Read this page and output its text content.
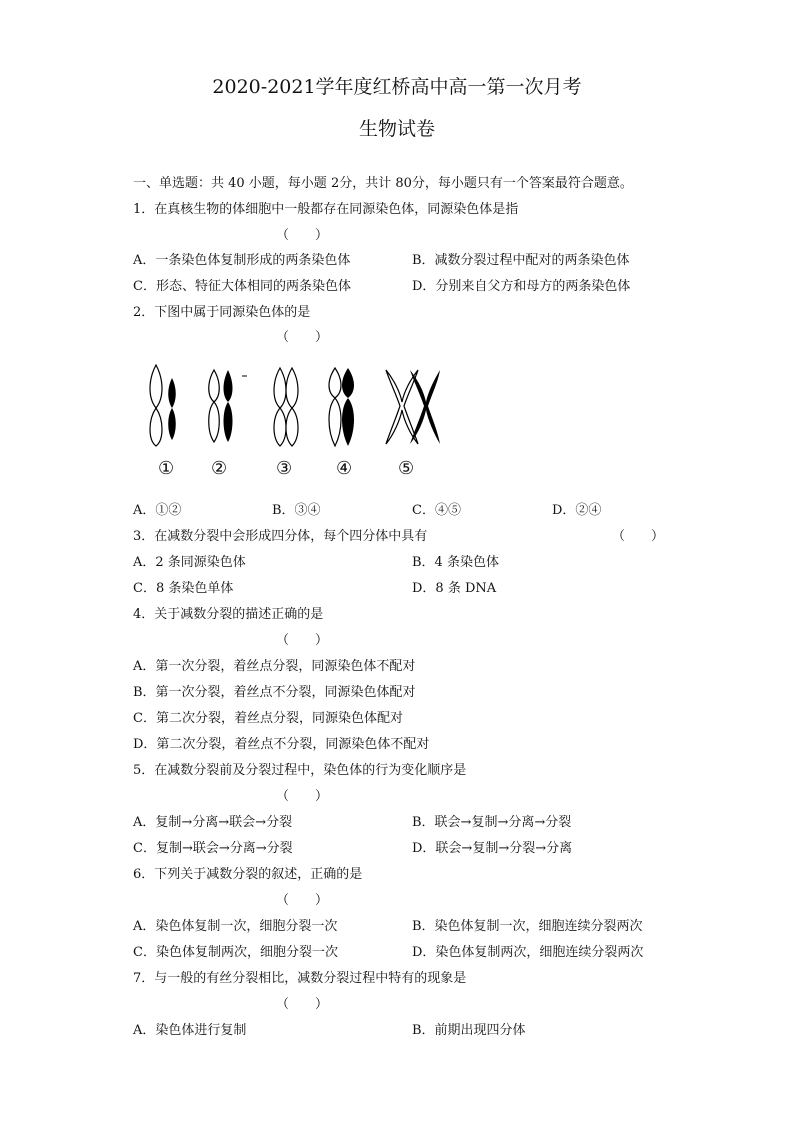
2020-2021学年度红桥高中高一第一次月考
生物试卷
一、单选题：共 40 小题，每小题 2分，共计 80分，每小题只有一个答案最符合题意。
1．在真核生物的体细胞中一般都存在同源染色体，同源染色体是指
（　　）
A．一条染色体复制形成的两条染色体	B．减数分裂过程中配对的两条染色体
C．形态、特征大体相同的两条染色体	D．分别来自父方和母方的两条染色体
2．下图中属于同源染色体的是
（　　）
① ②	③ ④	⑤
A．①②	B．③④	C．④⑤	D．②④
3．在减数分裂中会形成四分体，每个四分体中具有	（　　）
A．2 条同源染色体	B．4 条染色体
C．8 条染色单体	D．8 条 DNA
4．关于减数分裂的描述正确的是
（　　）
A．第一次分裂，着丝点分裂，同源染色体不配对
B．第一次分裂，着丝点不分裂，同源染色体配对
C．第二次分裂，着丝点分裂，同源染色体配对
D．第二次分裂，着丝点不分裂，同源染色体不配对
5．在减数分裂前及分裂过程中，染色体的行为变化顺序是
（　　）
A．复制→分离→联会→分裂	B．联会→复制→分离→分裂
C．复制→联会→分离→分裂	D．联会→复制→分裂→分离
6．下列关于减数分裂的叙述，正确的是
（　　）
A．染色体复制一次，细胞分裂一次	B．染色体复制一次，细胞连续分裂两次
C．染色体复制两次，细胞分裂一次	D．染色体复制两次，细胞连续分裂两次
7．与一般的有丝分裂相比，减数分裂过程中特有的现象是
（　　）
A．染色体进行复制	B．前期出现四分体
